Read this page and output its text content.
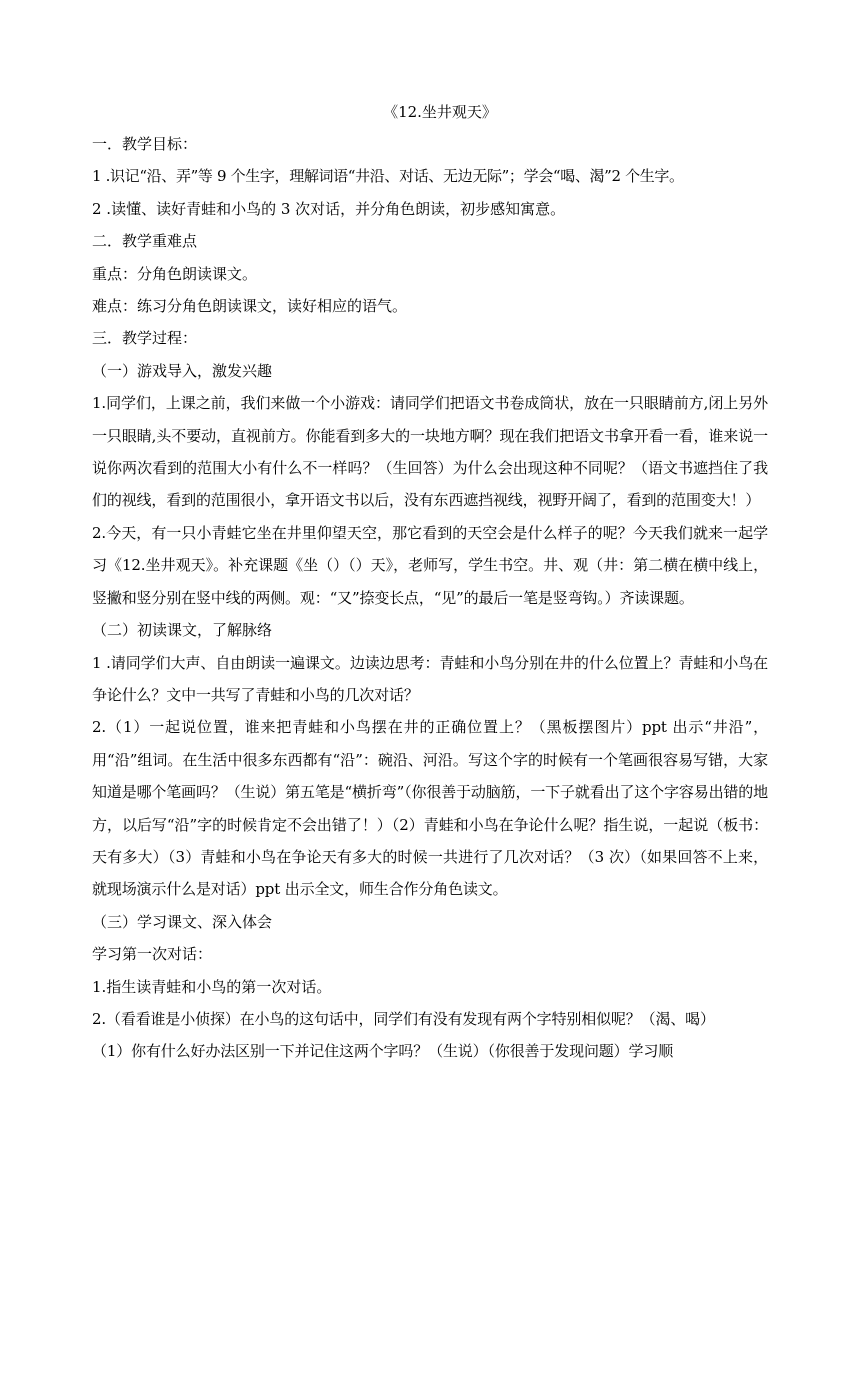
《12.坐井观天》

一．教学目标：

1 .识记“沿、弄”等 9 个生字，理解词语“井沿、对话、无边无际”；学会“喝、渴”2 个生字。

2 .读懂、读好青蛙和小鸟的 3 次对话，并分角色朗读，初步感知寓意。

二．教学重难点

重点：分角色朗读课文。

难点：练习分角色朗读课文，读好相应的语气。

三．教学过程：

（一）游戏导入，激发兴趣

1.同学们，上课之前，我们来做一个小游戏：请同学们把语文书卷成筒状，放在一只眼睛前方,闭上另外一只眼睛,头不要动，直视前方。你能看到多大的一块地方啊？现在我们把语文书拿开看一看，谁来说一说你两次看到的范围大小有什么不一样吗？（生回答）为什么会出现这种不同呢？（语文书遮挡住了我们的视线，看到的范围很小，拿开语文书以后，没有东西遮挡视线，视野开阔了，看到的范围变大！）

2.今天，有一只小青蛙它坐在井里仰望天空，那它看到的天空会是什么样子的呢？今天我们就来一起学习《12.坐井观天》。补充课题《坐（）（）天》，老师写，学生书空。井、观（井：第二横在横中线上，竖撇和竖分别在竖中线的两侧。观：“又”捺变长点，“见”的最后一笔是竖弯钩。）齐读课题。

（二）初读课文，了解脉络

1 .请同学们大声、自由朗读一遍课文。边读边思考：青蛙和小鸟分别在井的什么位置上？青蛙和小鸟在争论什么？文中一共写了青蛙和小鸟的几次对话？

2.（1）一起说位置，谁来把青蛙和小鸟摆在井的正确位置上？（黑板摆图片）ppt 出示“井沿”，用“沿”组词。在生活中很多东西都有“沿”：碗沿、河沿。写这个字的时候有一个笔画很容易写错，大家知道是哪个笔画吗？（生说）第五笔是“横折弯”（你很善于动脑筋，一下子就看出了这个字容易出错的地方，以后写“沿”字的时候肯定不会出错了！）（2）青蛙和小鸟在争论什么呢？指生说，一起说（板书：天有多大）（3）青蛙和小鸟在争论天有多大的时候一共进行了几次对话？（3 次）（如果回答不上来，就现场演示什么是对话）ppt 出示全文，师生合作分角色读文。

（三）学习课文、深入体会

学习第一次对话：

1.指生读青蛙和小鸟的第一次对话。

2.（看看谁是小侦探）在小鸟的这句话中，同学们有没有发现有两个字特别相似呢？（渴、喝）

（1）你有什么好办法区别一下并记住这两个字吗？（生说）（你很善于发现问题）学习顺
